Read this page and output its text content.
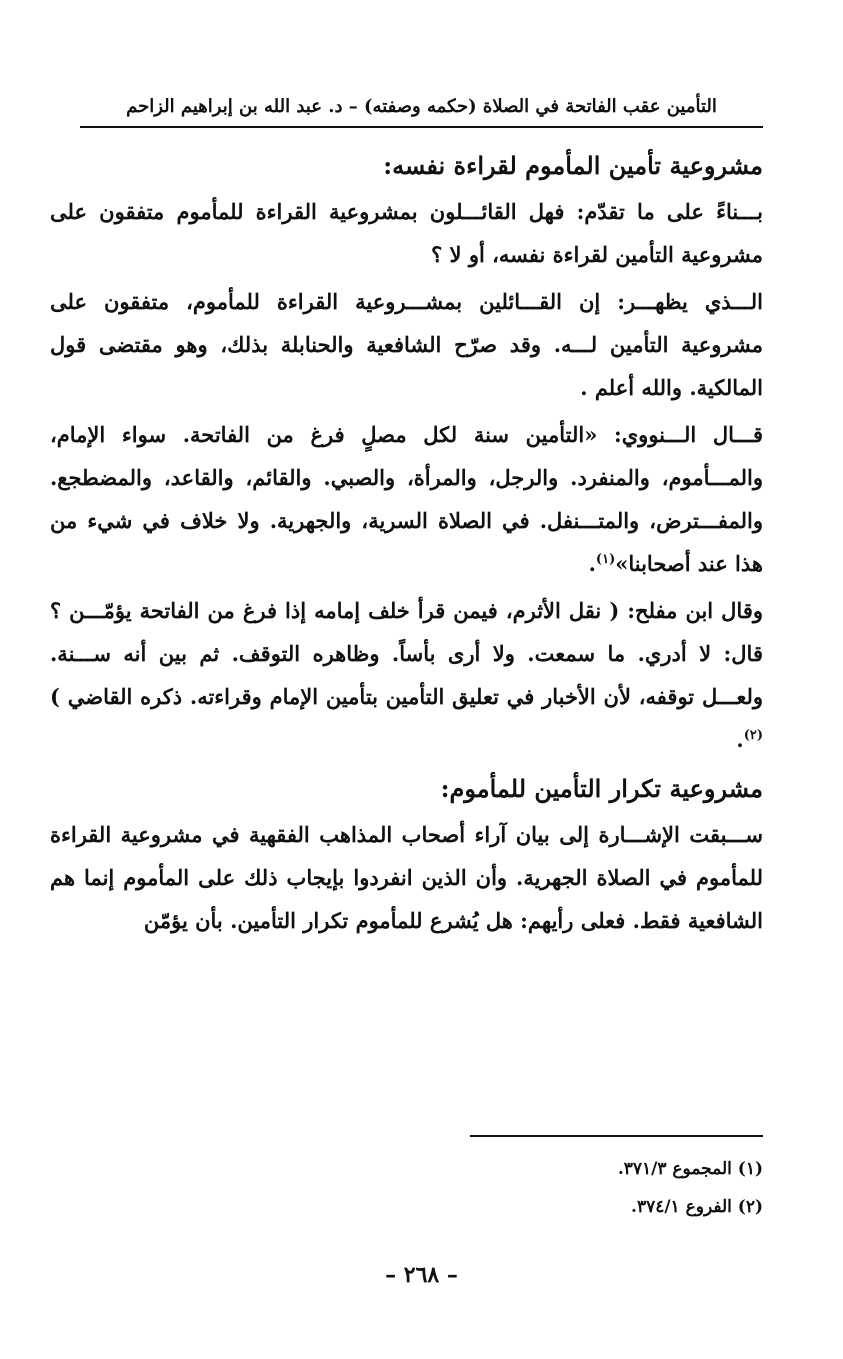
التأمين عقب الفاتحة في الصلاة (حكمه وصفته) – د. عبد الله بن إبراهيم الزاحم
مشروعية تأمين المأموم لقراءة نفسه:

بـــناءً على ما تقدّم: فهل القائـــلون بمشروعية القراءة للمأموم متفقون على مشروعية التأمين لقراءة نفسه، أو لا ؟

الـــذي يظهـــر: إن القـــائلين بمشـــروعية القراءة للمأموم، متفقون على مشروعية التأمين لـــه. وقد صرّح الشافعية والحنابلة بذلك، وهو مقتضى قول المالكية. والله أعلم .

قـــال الـــنووي: «التأمين سنة لكل مصلٍ فرغ من الفاتحة. سواء الإمام، والمـــأموم، والمنفرد. والرجل، والمرأة، والصبي. والقائم، والقاعد، والمضطجع. والمفـــترض، والمتـــنفل. في الصلاة السرية، والجهرية. ولا خلاف في شيء من هذا عند أصحابنا»$^{(١)}$.

وقال ابن مفلح: ( نقل الأثرم، فيمن قرأ خلف إمامه إذا فرغ من الفاتحة يؤمّـــن ؟ قال: لا أدري. ما سمعت. ولا أرى بأساً. وظاهره التوقف. ثم بين أنه ســـنة. ولعـــل توقفه، لأن الأخبار في تعليق التأمين بتأمين الإمام وقراءته. ذكره القاضي ) $^{(٢)}$.

مشروعية تكرار التأمين للمأموم:

ســـبقت الإشـــارة إلى بيان آراء أصحاب المذاهب الفقهية في مشروعية القراءة للمأموم في الصلاة الجهرية. وأن الذين انفردوا بإيجاب ذلك على المأموم إنما هم الشافعية فقط. فعلى رأيهم: هل يُشرع للمأموم تكرار التأمين. بأن يؤمّن

(١) المجموع ٣٧١/٣.
(٢) الفروع ٣٧٤/١.
– ٢٦٨ –
